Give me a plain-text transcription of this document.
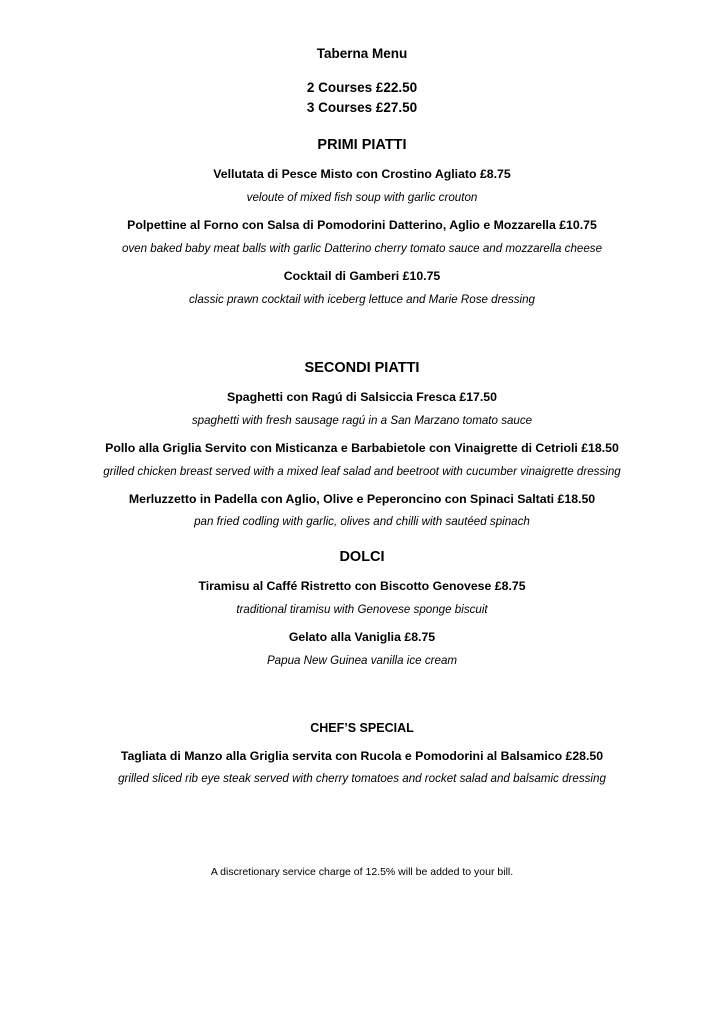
Taberna Menu
2 Courses £22.50
3 Courses £27.50
PRIMI PIATTI
Vellutata di Pesce Misto con Crostino Agliato £8.75
veloute of mixed fish soup with garlic crouton
Polpettine al Forno con Salsa di Pomodorini Datterino, Aglio e Mozzarella £10.75
oven baked baby meat balls with garlic Datterino cherry tomato sauce and mozzarella cheese
Cocktail di Gamberi £10.75
classic prawn cocktail with iceberg lettuce and Marie Rose dressing
SECONDI PIATTI
Spaghetti con Ragú di Salsiccia Fresca £17.50
spaghetti with fresh sausage ragú in a San Marzano tomato sauce
Pollo alla Griglia Servito con Misticanza e Barbabietole con Vinaigrette di Cetrioli £18.50
grilled chicken breast served with a mixed leaf salad and beetroot with cucumber vinaigrette dressing
Merluzzetto in Padella con Aglio, Olive e Peperoncino con Spinaci Saltati £18.50
pan fried codling with garlic, olives and chilli with sautéed spinach
DOLCI
Tiramisu al Caffé Ristretto con Biscotto Genovese £8.75
traditional tiramisu with Genovese sponge biscuit
Gelato alla Vaniglia £8.75
Papua New Guinea vanilla ice cream
CHEF’S SPECIAL
Tagliata di Manzo alla Griglia servita con Rucola e Pomodorini al Balsamico £28.50
grilled sliced rib eye steak served with cherry tomatoes and rocket salad and balsamic dressing
A discretionary service charge of 12.5% will be added to your bill.
